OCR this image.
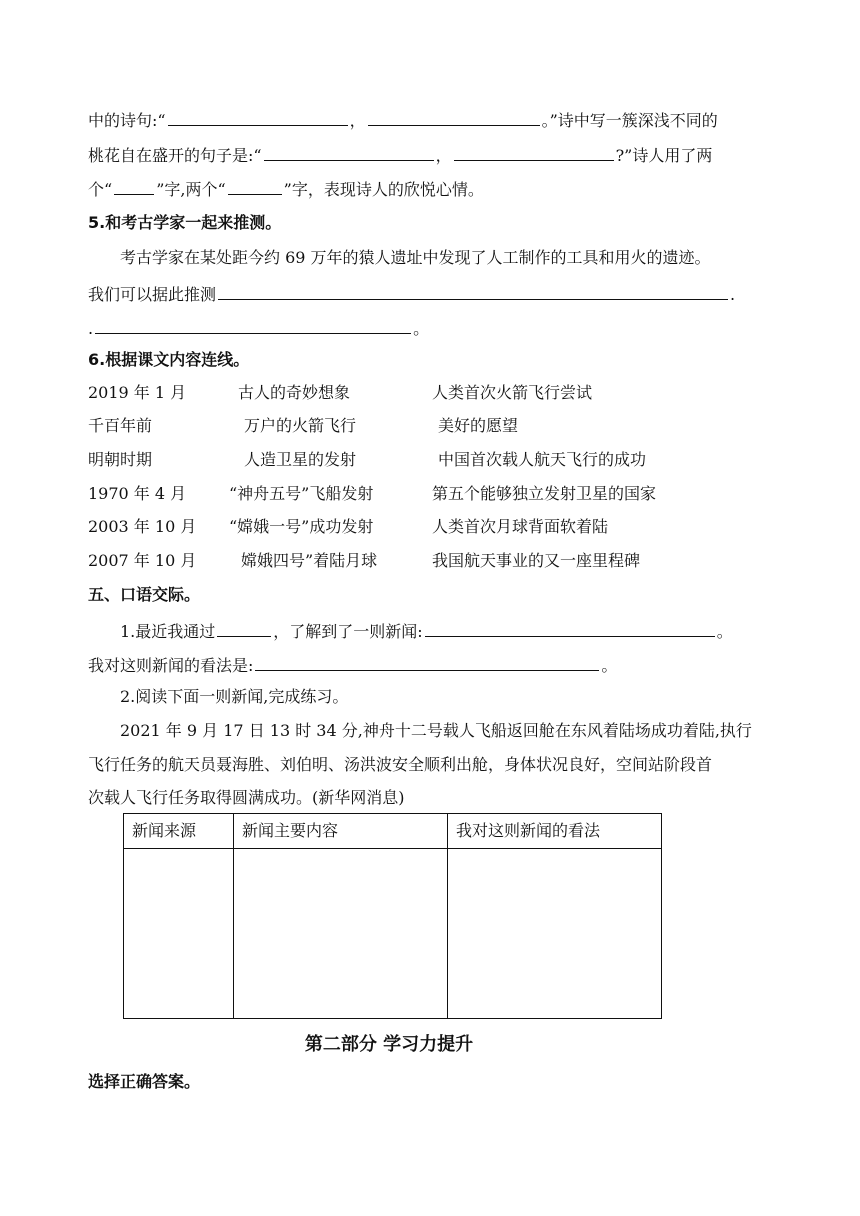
中的诗句:“	，	。”诗中写一簇深浅不同的
桃花自在盛开的句子是:“	，	?”诗人用了两
个“	”字,两个“	”字，表现诗人的欣悦心情。
5.和考古学家一起来推测。
考古学家在某处距今约 69 万年的猿人遗址中发现了人工制作的工具和用火的遗迹。
我们可以据此推测	.
.	。
6.根据课文内容连线。
2019 年 1 月	古人的奇妙想象	人类首次火箭飞行尝试
千百年前	万户的火箭飞行	美好的愿望
明朝时期	人造卫星的发射	中国首次载人航天飞行的成功
1970 年 4 月	“神舟五号”飞船发射	第五个能够独立发射卫星的国家
2003 年 10 月 “嫦娥一号”成功发射	人类首次月球背面软着陆
2007 年 10 月	嫦娥四号”着陆月球	我国航天事业的又一座里程碑
五、口语交际。
1.最近我通过	，了解到了一则新闻:	。
我对这则新闻的看法是:	。
2.阅读下面一则新闻,完成练习。
2021 年 9 月 17 日 13 时 34 分,神舟十二号载人飞船返回舱在东风着陆场成功着陆,执行
飞行任务的航天员聂海胜、刘伯明、汤洪波安全顺利出舱，身体状况良好，空间站阶段首
次载人飞行任务取得圆满成功。(新华网消息)
新闻来源	新闻主要内容	我对这则新闻的看法

第二部分 学习力提升
选择正确答案。
